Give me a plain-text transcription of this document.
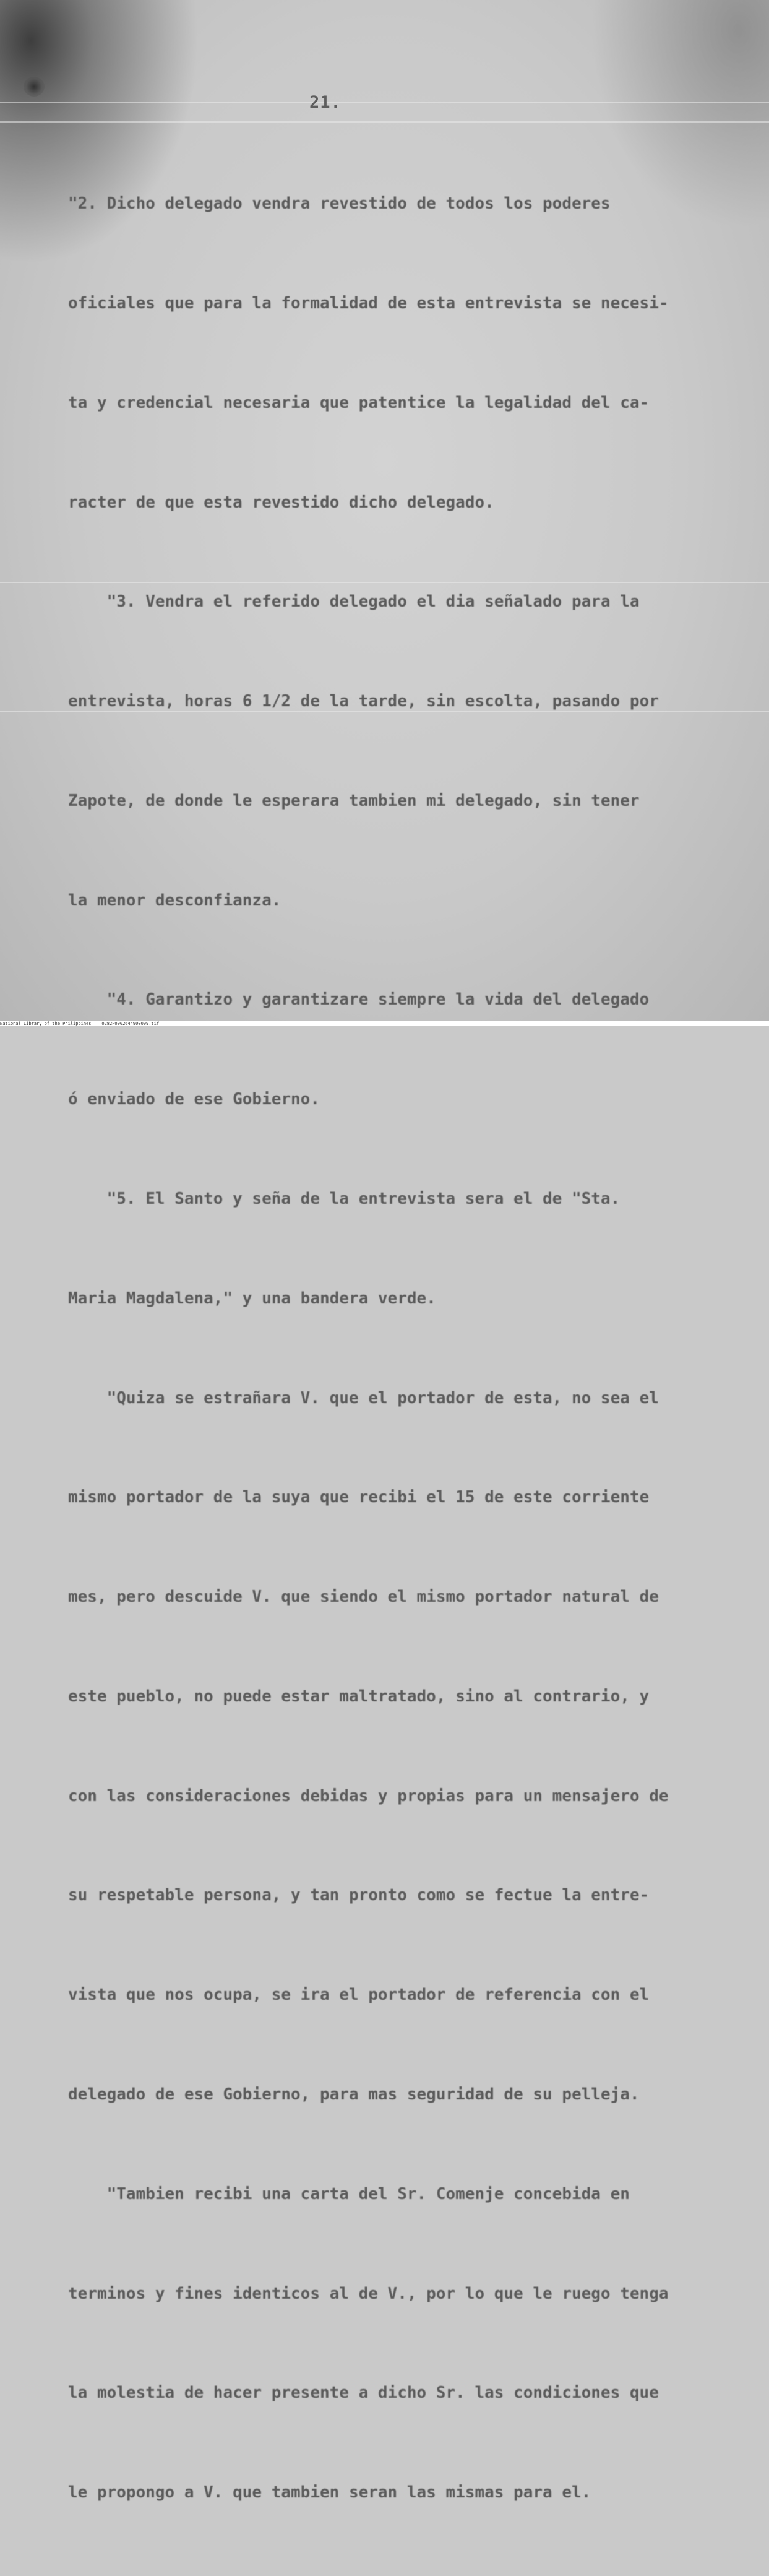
21.

"2. Dicho delegado vendra revestido de todos los poderes

oficiales que para la formalidad de esta entrevista se necesi-

ta y credencial necesaria que patentice la legalidad del ca-

racter de que esta revestido dicho delegado.

"3. Vendra el referido delegado el dia señalado para la

entrevista, horas 6 1/2 de la tarde, sin escolta, pasando por

Zapote, de donde le esperara tambien mi delegado, sin tener

la menor desconfianza.

"4. Garantizo y garantizare siempre la vida del delegado

ó enviado de ese Gobierno.

"5. El Santo y seña de la entrevista sera el de "Sta.

Maria Magdalena," y una bandera verde.

"Quiza se estrañara V. que el portador de esta, no sea el

mismo portador de la suya que recibi el 15 de este corriente

mes, pero descuide V. que siendo el mismo portador natural de

este pueblo, no puede estar maltratado, sino al contrario, y

con las consideraciones debidas y propias para un mensajero de

su respetable persona, y tan pronto como se fectue la entre-

vista que nos ocupa, se ira el portador de referencia con el

delegado de ese Gobierno, para mas seguridad de su pelleja.

"Tambien recibi una carta del Sr. Comenje concebida en

terminos y fines identicos al de V., por lo que le ruego tenga

la molestia de hacer presente a dicho Sr. las condiciones que

le propongo a V. que tambien seran las mismas para el.

National Library of the Philippines    0282P0002644900009.tif
